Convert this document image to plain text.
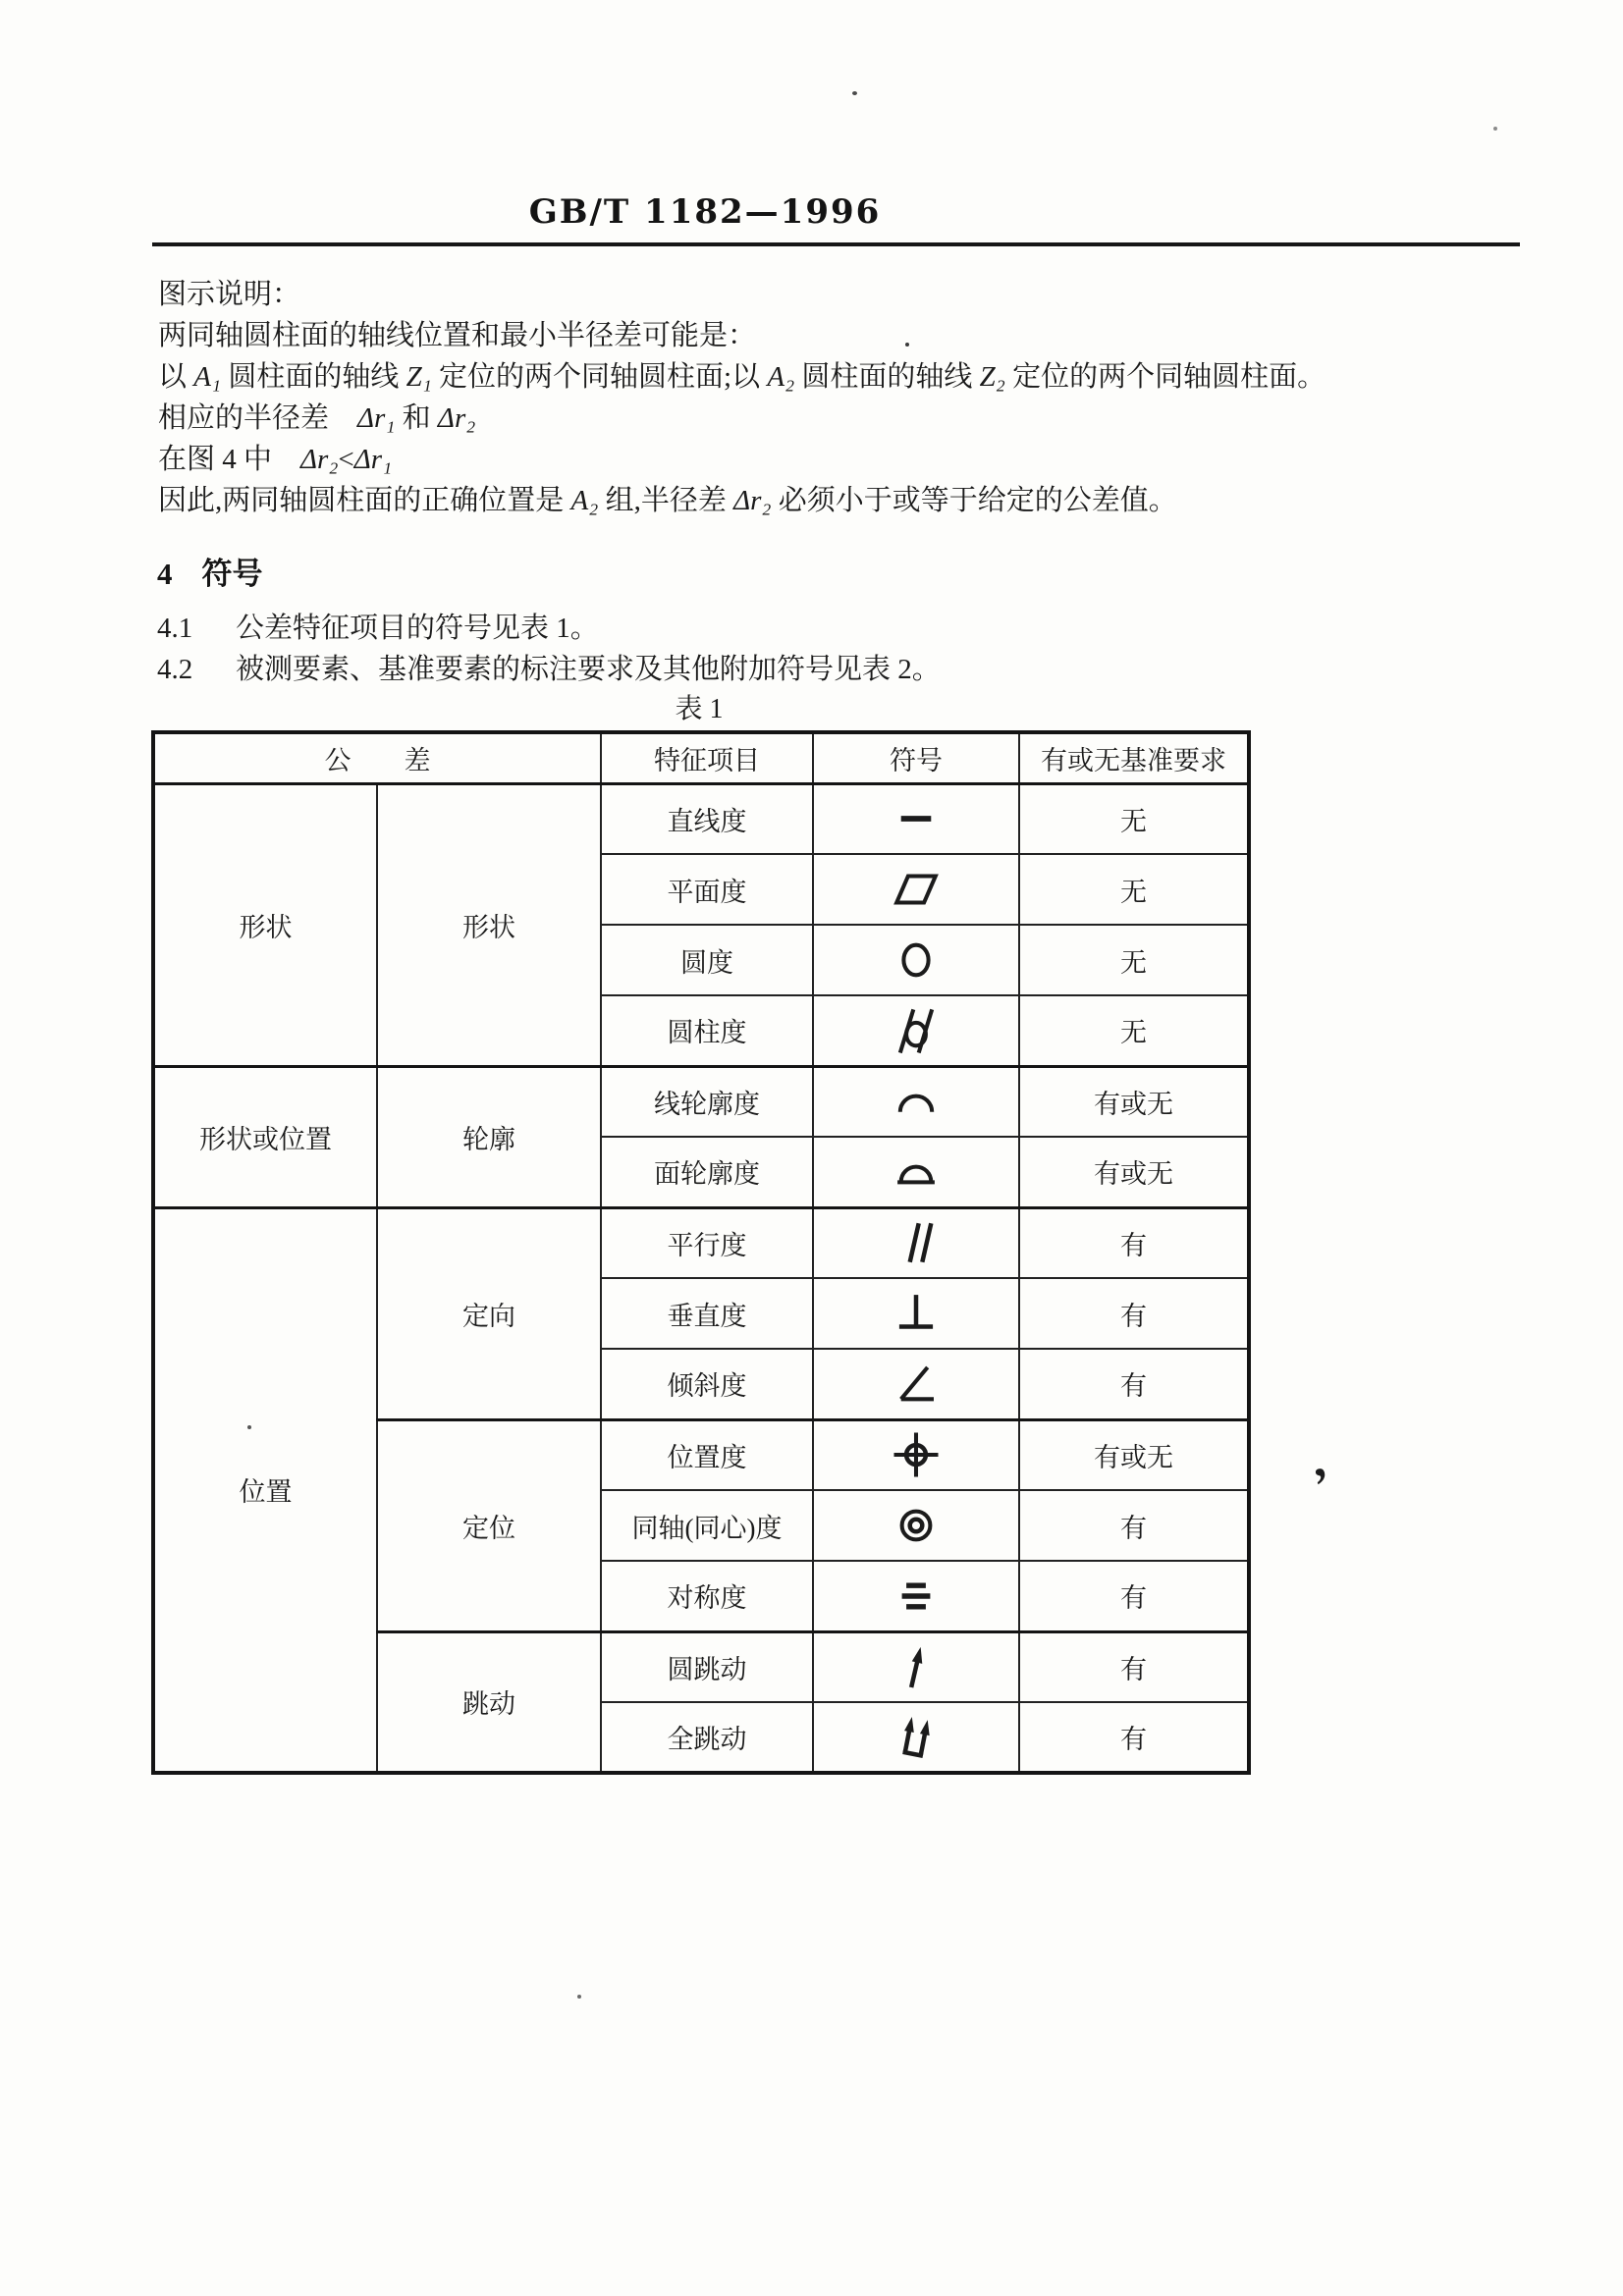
GB/T 1182—1996
图示说明：
两同轴圆柱面的轴线位置和最小半径差可能是：
以 A₁ 圆柱面的轴线 Z₁ 定位的两个同轴圆柱面;以 A₂ 圆柱面的轴线 Z₂ 定位的两个同轴圆柱面。
相应的半径差　Δr₁ 和 Δr₂
在图 4 中　Δr₂<Δr₁
因此,两同轴圆柱面的正确位置是 A₂ 组,半径差 Δr₂ 必须小于或等于给定的公差值。
4 符号
4.1 公差特征项目的符号见表 1。
4.2 被测要素、基准要素的标注要求及其他附加符号见表 2。
表 1
公　　差		特征项目	符号	有或无基准要求
形状	形状	直线度		无
		平面度		无
		圆度		无
		圆柱度		无
形状或位置	轮廓	线轮廓度		有或无
		面轮廓度		有或无
位置	定向	平行度		有
		垂直度		有
		倾斜度		有
	定位	位置度		有或无
		同轴(同心)度		有
		对称度		有
	跳动	圆跳动		有
		全跳动		有
,
